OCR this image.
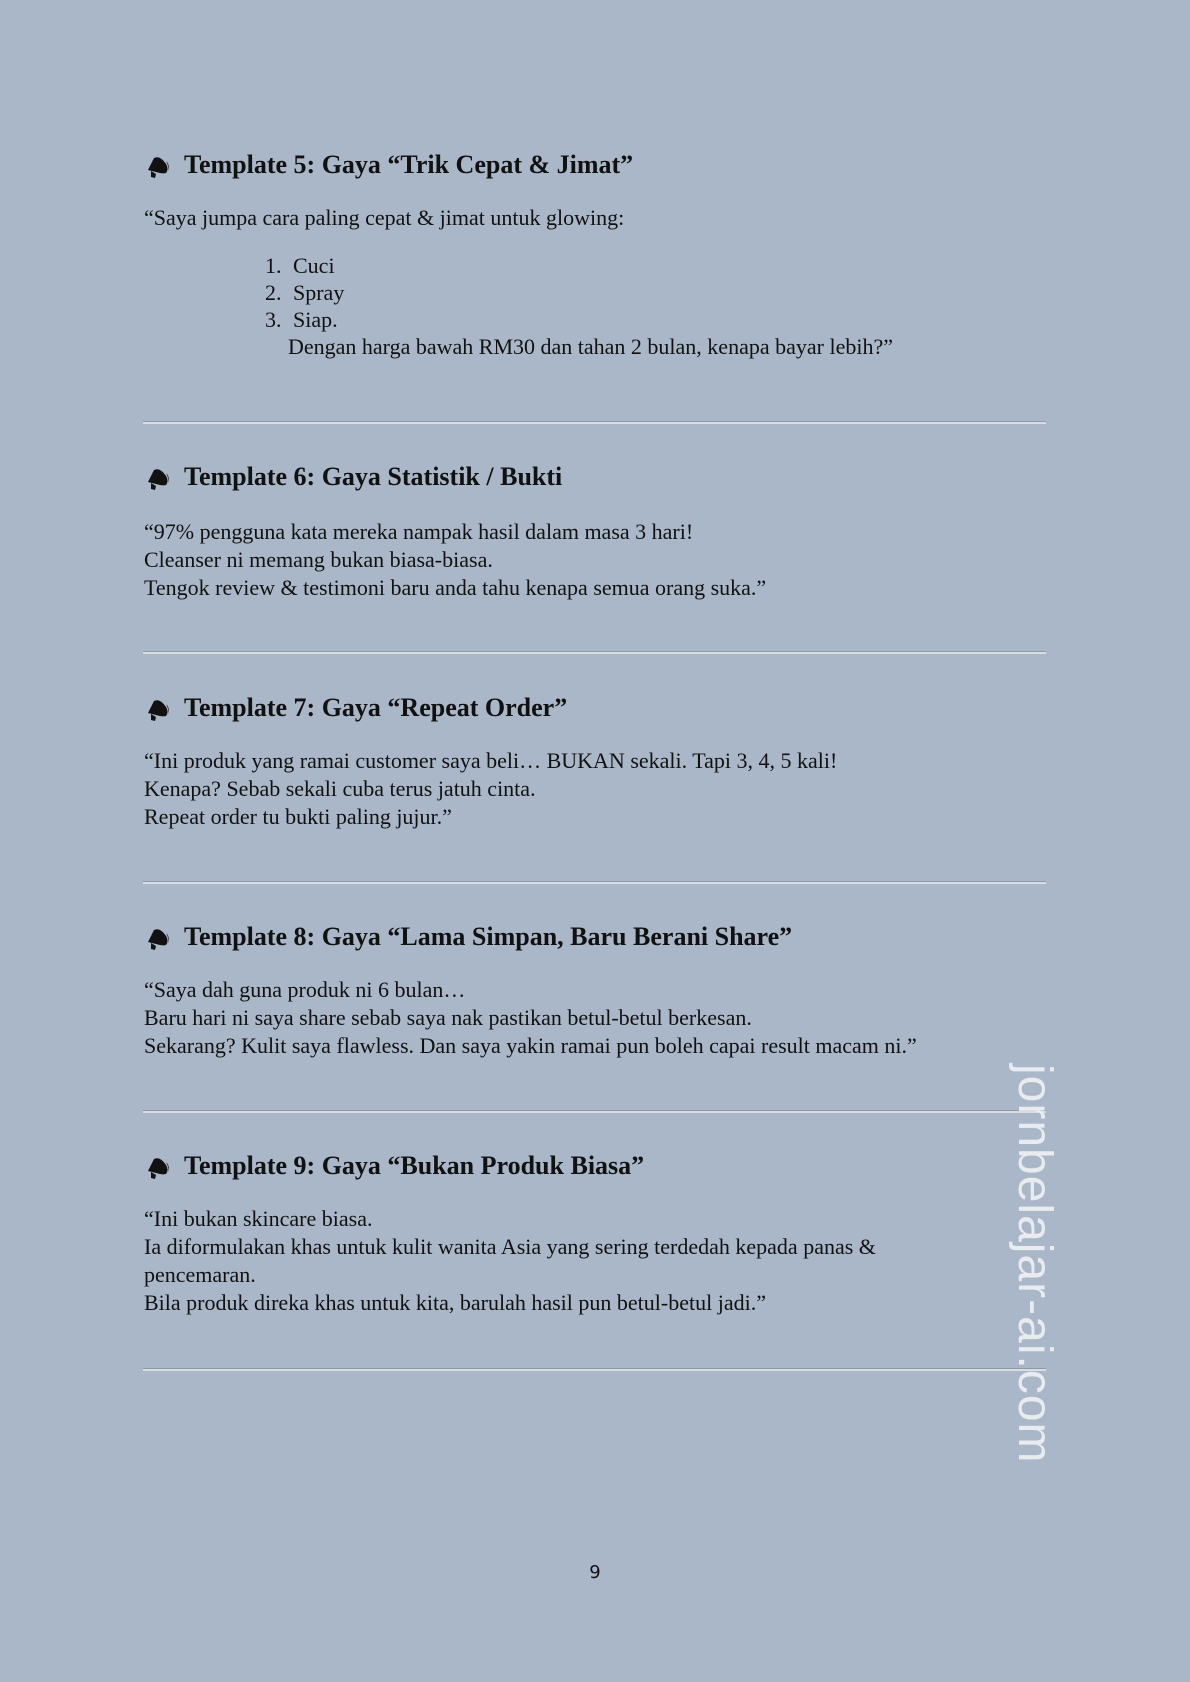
Template 5: Gaya “Trik Cepat & Jimat”

“Saya jumpa cara paling cepat & jimat untuk glowing:

1. Cuci
2. Spray
3. Siap.
Dengan harga bawah RM30 dan tahan 2 bulan, kenapa bayar lebih?”
Template 6: Gaya Statistik / Bukti

“97% pengguna kata mereka nampak hasil dalam masa 3 hari!

Cleanser ni memang bukan biasa-biasa.

Tengok review & testimoni baru anda tahu kenapa semua orang suka.”

Template 7: Gaya “Repeat Order”

“Ini produk yang ramai customer saya beli… BUKAN sekali. Tapi 3, 4, 5 kali!

Kenapa? Sebab sekali cuba terus jatuh cinta.

Repeat order tu bukti paling jujur.”

Template 8: Gaya “Lama Simpan, Baru Berani Share”

“Saya dah guna produk ni 6 bulan…

Baru hari ni saya share sebab saya nak pastikan betul-betul berkesan.

Sekarang? Kulit saya flawless. Dan saya yakin ramai pun boleh capai result macam ni.”

Template 9: Gaya “Bukan Produk Biasa”

“Ini bukan skincare biasa.

Ia diformulakan khas untuk kulit wanita Asia yang sering terdedah kepada panas &

pencemaran.

Bila produk direka khas untuk kita, barulah hasil pun betul-betul jadi.”	jornbelajar-ai.com
9
